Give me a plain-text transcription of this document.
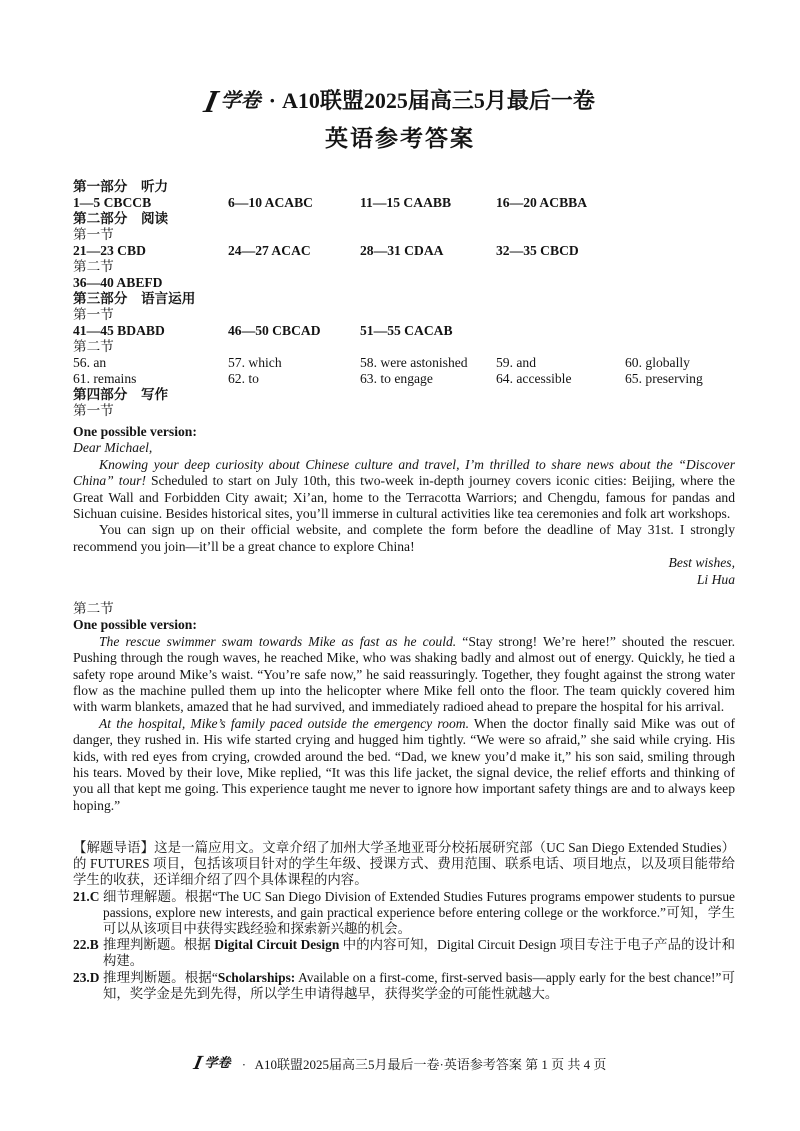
I 学卷 · A10联盟2025届高三5月最后一卷
英语参考答案
第一部分　听力
1—5 CBCCB	6—10 ACABC	11—15 CAABB	16—20 ACBBA
第二部分　阅读
第一节
21—23 CBD	24—27 ACAC	28—31 CDAA	32—35 CBCD
第二节
36—40 ABEFD
第三部分　语言运用
第一节
41—45 BDABD	46—50 CBCAD	51—55 CACAB
第二节
56. an	57. which	58. were astonished 59. and	60. globally
61. remains	62. to	63. to engage	64. accessible	65. preserving
第四部分　写作
第一节

One possible version:

Dear Michael,

Knowing your deep curiosity about Chinese culture and travel, I’m thrilled to share news about the “Discover China” tour! Scheduled to start on July 10th, this two-week in-depth journey covers iconic cities: Beijing, where the Great Wall and Forbidden City await; Xi’an, home to the Terracotta Warriors; and Chengdu, famous for pandas and Sichuan cuisine. Besides historical sites, you’ll immerse in cultural activities like tea ceremonies and folk art workshops.

You can sign up on their official website, and complete the form before the deadline of May 31st. I strongly recommend you join—it’ll be a great chance to explore China!

Best wishes,

Li Hua

第二节

One possible version:

The rescue swimmer swam towards Mike as fast as he could. “Stay strong! We’re here!” shouted the rescuer. Pushing through the rough waves, he reached Mike, who was shaking badly and almost out of energy. Quickly, he tied a safety rope around Mike’s waist. “You’re safe now,” he said reassuringly. Together, they fought against the strong water flow as the machine pulled them up into the helicopter where Mike fell onto the floor. The team quickly covered him with warm blankets, amazed that he had survived, and immediately radioed ahead to prepare the hospital for his arrival.

At the hospital, Mike’s family paced outside the emergency room. When the doctor finally said Mike was out of danger, they rushed in. His wife started crying and hugged him tightly. “We were so afraid,” she said while crying. His kids, with red eyes from crying, crowded around the bed. “Dad, we knew you’d make it,” his son said, smiling through his tears. Moved by their love, Mike replied, “It was this life jacket, the signal device, the relief efforts and thinking of you all that kept me going. This experience taught me never to ignore how important safety things are and to always keep hoping.”

【解题导语】这是一篇应用文。文章介绍了加州大学圣地亚哥分校拓展研究部（UC San Diego Extended Studies）的 FUTURES 项目，包括该项目针对的学生年级、授课方式、费用范围、联系电话、项目地点，以及项目能带给学生的收获，还详细介绍了四个具体课程的内容。

21.C 细节理解题。根据“The UC San Diego Division of Extended Studies Futures programs empower students to pursue passions, explore new interests, and gain practical experience before entering college or the workforce.”可知，学生可以从该项目中获得实践经验和探索新兴趣的机会。
22.B 推理判断题。根据 Digital Circuit Design 中的内容可知，Digital Circuit Design 项目专注于电子产品的设计和构建。
23.D 推理判断题。根据“Scholarships: Available on a first-come, first-served basis—apply early for the best chance!”可知，奖学金是先到先得，所以学生申请得越早，获得奖学金的可能性就越大。
I 学卷 · A10联盟2025届高三5月最后一卷·英语参考答案 第 1 页 共 4 页
